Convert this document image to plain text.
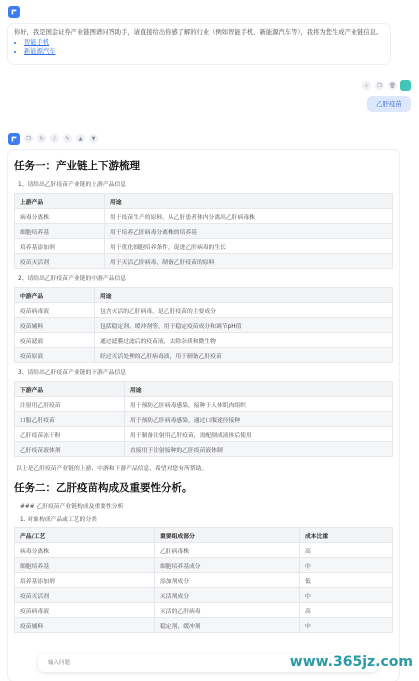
你好，我是国金证券产业链图谱问答助手，请直接给出你感了解的行业（例如智能手机、新能源汽车等），我将为您生成产业链信息。
• 智能手机
• 新能源汽车
⌕	❐	🗑
乙肝疫苗
❐	↻	♪	✎	▲	▼
任务一：产业链上下游梳理
1、请给出乙肝疫苗产业链的上游产品信息
上游产品	用途
病毒分离株	用于疫苗生产的原料，从乙肝患者体内分离出乙肝病毒株
细胞培养基	用于培养乙肝病毒分离株的培养基
培养基添加剂	用于优化细胞培养条件，促进乙肝病毒的生长
疫苗灭活剂	用于灭活乙肝病毒，制备乙肝疫苗的原料
2、请给出乙肝疫苗产业链的中游产品信息
中游产品	用途
疫苗病毒液	包含灭活的乙肝病毒，是乙肝疫苗的主要成分
疫苗辅料	包括稳定剂、缓冲剂等，用于稳定疫苗成分和调节pH值
疫苗滤液	通过滤膜过滤后的疫苗液，去除杂质和微生物
疫苗原液	经过灭活处理的乙肝病毒液，用于制备乙肝疫苗
3、请给出乙肝疫苗产业链的下游产品信息
下游产品	用途
注射用乙肝疫苗	用于预防乙肝病毒感染，接种于人体肌肉组织
口服乙肝疫苗	用于预防乙肝病毒感染，通过口服途径接种
乙肝疫苗冻干粉	用于制备注射用乙肝疫苗，需配制成液体后使用
乙肝疫苗液体剂	直接用于注射接种的乙肝疫苗液体制
以上是乙肝疫苗产业链的上游、中游和下游产品信息，希望对您有所帮助。
任务二：乙肝疫苗构成及重要性分析。
### 乙肝疫苗产业链构成及重要性分析
1. 对象构成产品或工艺的分类
产品/工艺	重要组成部分	成本比重
病毒分离株	乙肝病毒株	高
细胞培养基	细胞培养基成分	中
培养基添加剂	添加剂成分	低
疫苗灭活剂	灭活剂成分	中
疫苗病毒液	灭活的乙肝病毒	高
疫苗辅料	稳定剂、缓冲剂	中
输入问题
www.365jz.com
